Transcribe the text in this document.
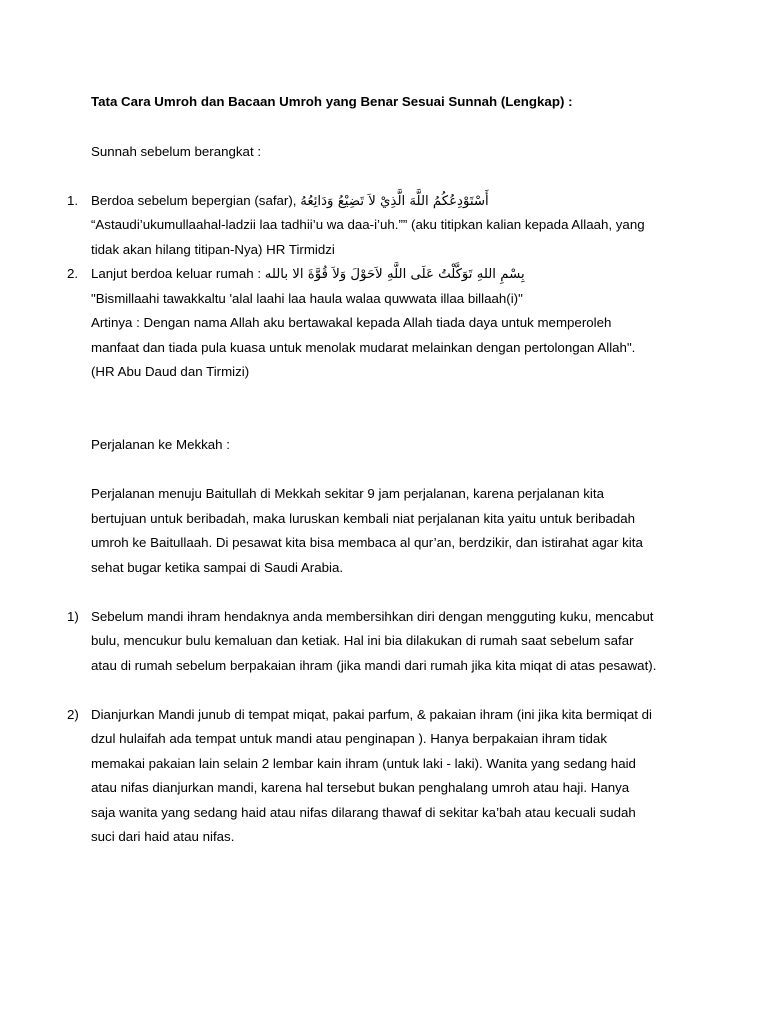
Tata Cara Umroh dan Bacaan Umroh yang Benar Sesuai Sunnah (Lengkap) :
Sunnah sebelum berangkat :
1. Berdoa sebelum bepergian (safar), أَسْتَوْدِعُكُمُ اللَّهَ الَّذِيْ لاَ تَضِيْعُ وَدَائِعُهُ
“Astaudi’ukumullaahal-ladzii laa tadhii’u wa daa-i’uh.”” (aku titipkan kalian kepada Allaah, yang
tidak akan hilang titipan-Nya) HR Tirmidzi
2. Lanjut berdoa keluar rumah : بِسْمِ اللهِ تَوَكَّلْتُ عَلَى اللَّهِ لاَحَوْلَ وَلاَ قُوَّةَ الا بالله
"Bismillaahi tawakkaltu 'alal laahi laa haula walaa quwwata illaa billaah(i)"
Artinya : Dengan nama Allah aku bertawakal kepada Allah tiada daya untuk memperoleh
manfaat dan tiada pula kuasa untuk menolak mudarat melainkan dengan pertolongan Allah".
(HR Abu Daud dan Tirmizi)
Perjalanan ke Mekkah :
Perjalanan menuju Baitullah di Mekkah sekitar 9 jam perjalanan, karena perjalanan kita
bertujuan untuk beribadah, maka luruskan kembali niat perjalanan kita yaitu untuk beribadah
umroh ke Baitullaah. Di pesawat kita bisa membaca al qur’an, berdzikir, dan istirahat agar kita
sehat bugar ketika sampai di Saudi Arabia.
1) Sebelum mandi ihram hendaknya anda membersihkan diri dengan mengguting kuku, mencabut
bulu, mencukur bulu kemaluan dan ketiak. Hal ini bia dilakukan di rumah saat sebelum safar
atau di rumah sebelum berpakaian ihram (jika mandi dari rumah jika kita miqat di atas pesawat).
2) Dianjurkan Mandi junub di tempat miqat, pakai parfum, & pakaian ihram (ini jika kita bermiqat di
dzul hulaifah ada tempat untuk mandi atau penginapan ). Hanya berpakaian ihram tidak
memakai pakaian lain selain 2 lembar kain ihram (untuk laki - laki). Wanita yang sedang haid
atau nifas dianjurkan mandi, karena hal tersebut bukan penghalang umroh atau haji. Hanya
saja wanita yang sedang haid atau nifas dilarang thawaf di sekitar ka’bah atau kecuali sudah
suci dari haid atau nifas.
